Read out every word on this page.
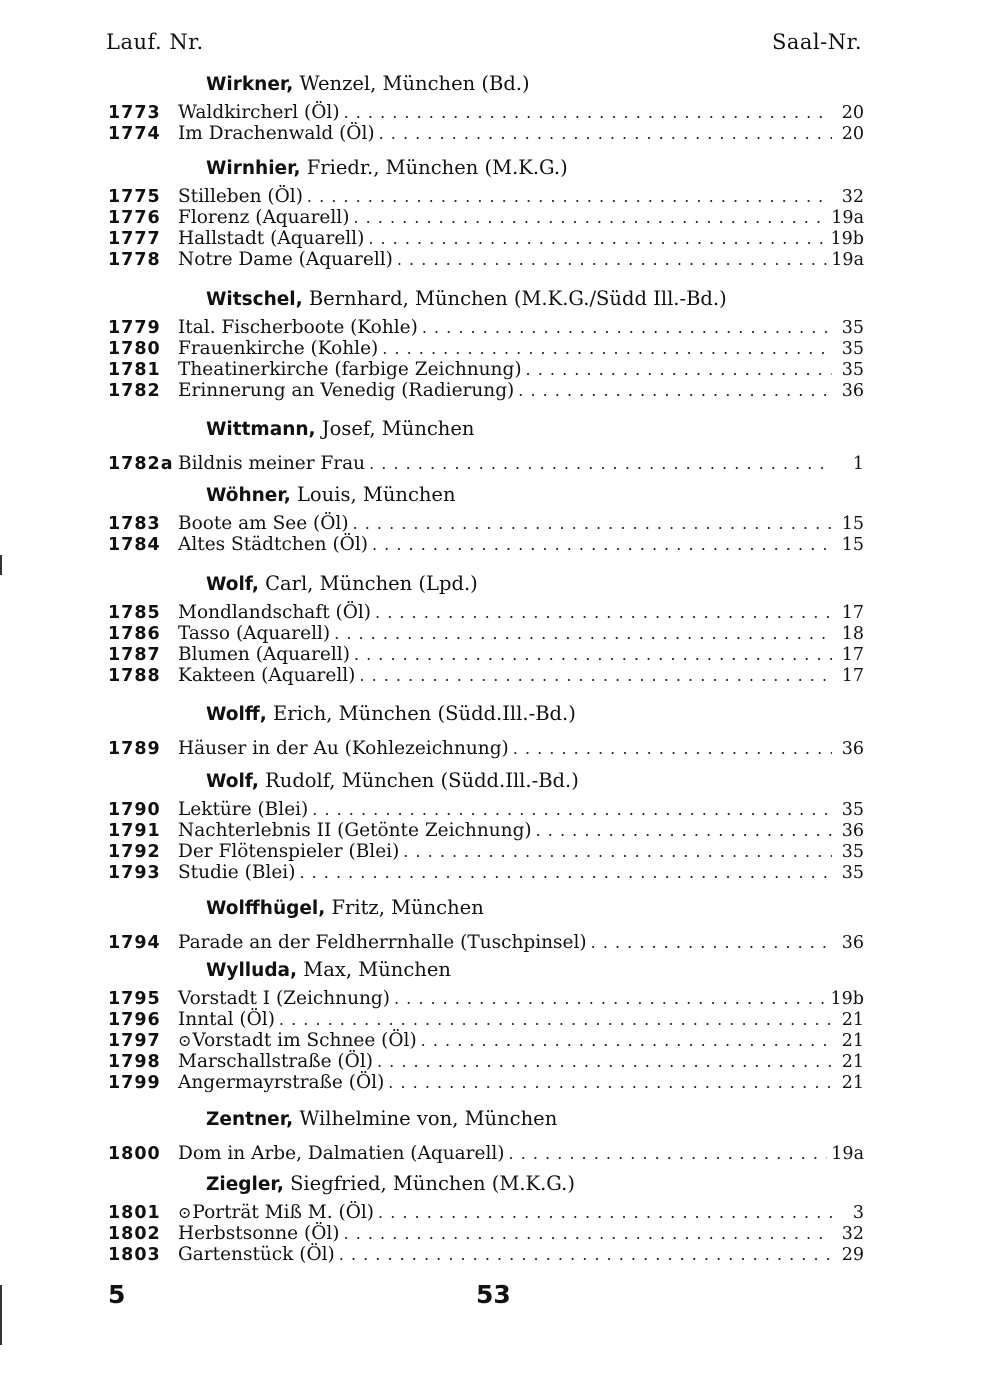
Lauf. Nr.	Saal-Nr.
Wirkner, Wenzel, München (Bd.)
1773 Waldkircherl (Öl) . . .	20
1774 Im Drachenwald (Öl) . . .	20
Wirnhier, Friedr., München (M.K.G.)
1775 Stilleben (Öl) . . .	32
1776 Florenz (Aquarell) . . .	19a
1777 Hallstadt (Aquarell) . . .	19b
1778 Notre Dame (Aquarell) . . .	19a
Witschel, Bernhard, München (M.K.G./Südd Ill.-Bd.)
1779 Ital. Fischerboote (Kohle) . . .	35
1780 Frauenkirche (Kohle) . . .	35
1781 Theatinerkirche (farbige Zeichnung) . . .	35
1782 Erinnerung an Venedig (Radierung) . . .	36
Wittmann, Josef, München
1782a Bildnis meiner Frau . . .	1
Wöhner, Louis, München
1783 Boote am See (Öl) . . .	15
1784 Altes Städtchen (Öl) . . .	15
Wolf, Carl, München (Lpd.)
1785 Mondlandschaft (Öl) . . .	17
1786 Tasso (Aquarell) . . .	18
1787 Blumen (Aquarell) . . .	17
1788 Kakteen (Aquarell) . . .	17
Wolff, Erich, München (Südd.Ill.-Bd.)
1789 Häuser in der Au (Kohlezeichnung) . . .	36
Wolf, Rudolf, München (Südd.Ill.-Bd.)
1790 Lektüre (Blei) . . .	35
1791 Nachterlebnis II (Getönte Zeichnung) . . .	36
1792 Der Flötenspieler (Blei) . . .	35
1793 Studie (Blei) . . .	35
Wolffhügel, Fritz, München
1794 Parade an der Feldherrnhalle (Tuschpinsel) . . .	36
Wylluda, Max, München
1795 Vorstadt I (Zeichnung) . . .	19b
1796 Inntal (Öl) . . .	21
1797	⊙Vorstadt im Schnee (Öl) . . .	21
1798 Marschallstraße (Öl) . . .	21
1799 Angermayrstraße (Öl) . . .	21
Zentner, Wilhelmine von, München
1800 Dom in Arbe, Dalmatien (Aquarell) . . .	19a
Ziegler, Siegfried, München (M.K.G.)
1801	⊙Porträt Miß M. (Öl) . . .	3
1802 Herbstsonne (Öl) . . .	32
1803 Gartenstück (Öl) . . .	29
5	53
